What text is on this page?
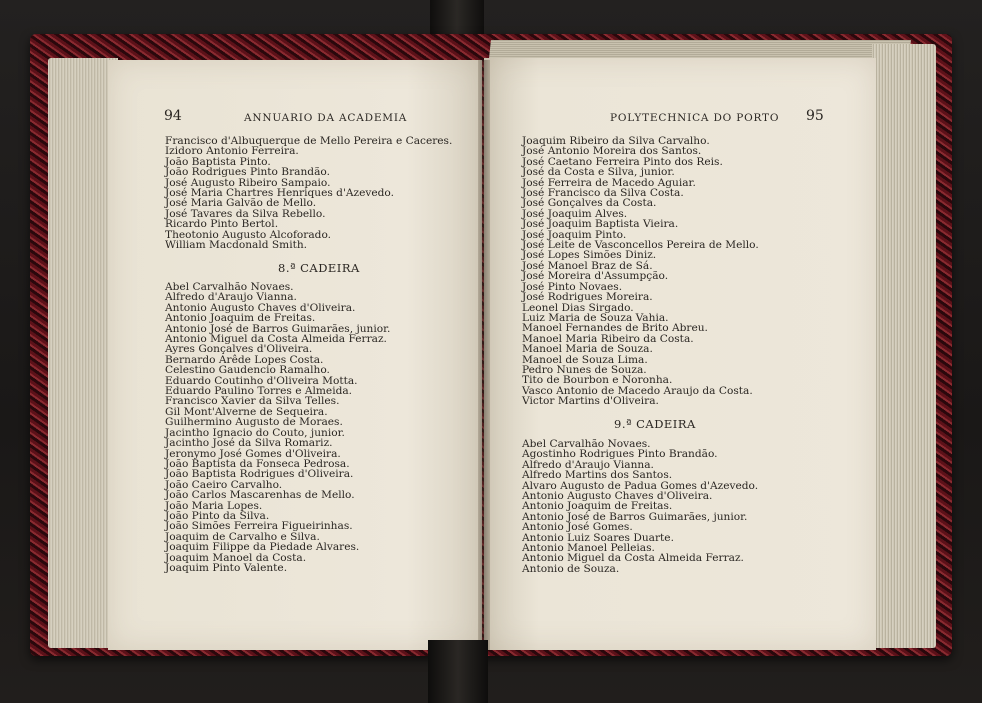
94	ANNUARIO DA ACADEMIA
Francisco d'Albuquerque de Mello Pereira e Caceres.
Izidoro Antonio Ferreira.
João Baptista Pinto.
João Rodrigues Pinto Brandão.
José Augusto Ribeiro Sampaio.
José Maria Chartres Henriques d'Azevedo.
José Maria Galvão de Mello.
José Tavares da Silva Rebello.
Ricardo Pinto Bertol.
Theotonio Augusto Alcoforado.
William Macdonald Smith.
8.ª CADEIRA
Abel Carvalhão Novaes.
Alfredo d'Araujo Vianna.
Antonio Augusto Chaves d'Oliveira.
Antonio Joaquim de Freitas.
Antonio José de Barros Guimarães, junior.
Antonio Miguel da Costa Almeida Ferraz.
Ayres Gonçalves d'Oliveira.
Bernardo Arêde Lopes Costa.
Celestino Gaudencio Ramalho.
Eduardo Coutinho d'Oliveira Motta.
Eduardo Paulino Torres e Almeida.
Francisco Xavier da Silva Telles.
Gil Mont'Alverne de Sequeira.
Guilhermino Augusto de Moraes.
Jacintho Ignacio do Couto, junior.
Jacintho José da Silva Romariz.
Jeronymo José Gomes d'Oliveira.
João Baptista da Fonseca Pedrosa.
João Baptista Rodrigues d'Oliveira.
João Caeiro Carvalho.
João Carlos Mascarenhas de Mello.
João Maria Lopes.
João Pinto da Silva.
João Simões Ferreira Figueirinhas.
Joaquim de Carvalho e Silva.
Joaquim Filippe da Piedade Alvares.
Joaquim Manoel da Costa.
Joaquim Pinto Valente.
POLYTECHNICA DO PORTO 95
Joaquim Ribeiro da Silva Carvalho.
José Antonio Moreira dos Santos.
José Caetano Ferreira Pinto dos Reis.
José da Costa e Silva, junior.
José Ferreira de Macedo Aguiar.
José Francisco da Silva Costa.
José Gonçalves da Costa.
José Joaquim Alves.
José Joaquim Baptista Vieira.
José Joaquim Pinto.
José Leite de Vasconcellos Pereira de Mello.
José Lopes Simões Diniz.
José Manoel Braz de Sá.
José Moreira d'Assumpção.
José Pinto Novaes.
José Rodrigues Moreira.
Leonel Dias Sirgado.
Luiz Maria de Souza Vahia.
Manoel Fernandes de Brito Abreu.
Manoel Maria Ribeiro da Costa.
Manoel Maria de Souza.
Manoel de Souza Lima.
Pedro Nunes de Souza.
Tito de Bourbon e Noronha.
Vasco Antonio de Macedo Araujo da Costa.
Victor Martins d'Oliveira.
9.ª CADEIRA
Abel Carvalhão Novaes.
Agostinho Rodrigues Pinto Brandão.
Alfredo d'Araujo Vianna.
Alfredo Martins dos Santos.
Alvaro Augusto de Padua Gomes d'Azevedo.
Antonio Augusto Chaves d'Oliveira.
Antonio Joaquim de Freitas.
Antonio José de Barros Guimarães, junior.
Antonio José Gomes.
Antonio Luiz Soares Duarte.
Antonio Manoel Pelleias.
Antonio Miguel da Costa Almeida Ferraz.
Antonio de Souza.
